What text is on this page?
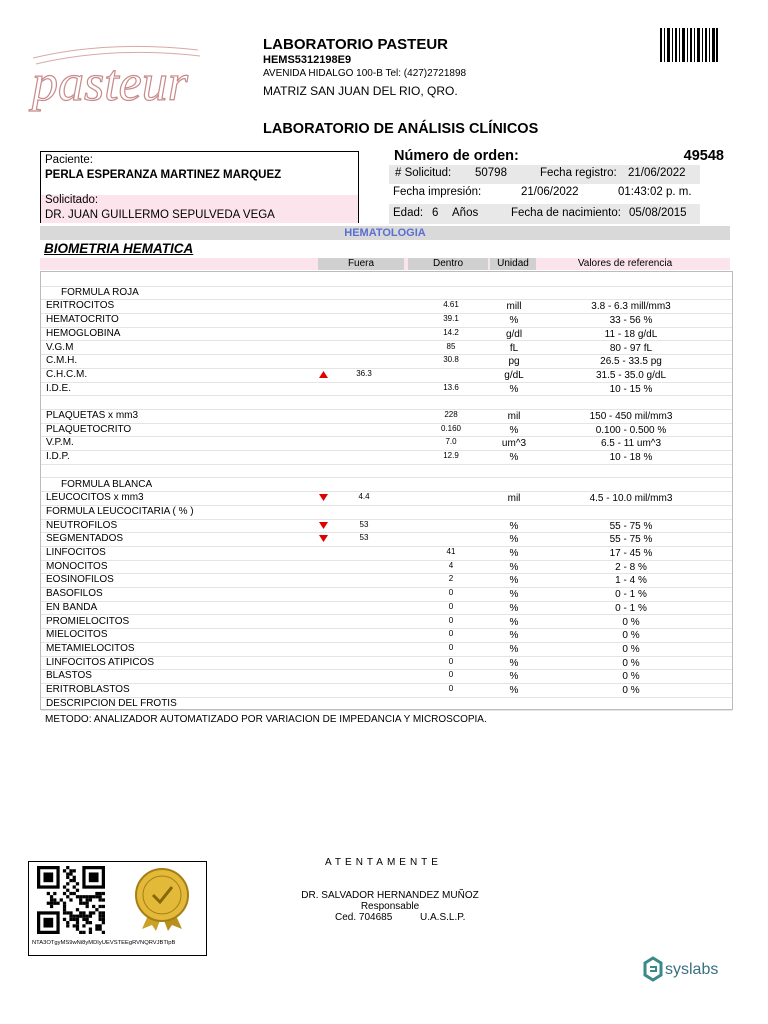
pasteur
LABORATORIO PASTEUR
HEMS5312198E9
AVENIDA HIDALGO 100-B Tel: (427)2721898
MATRIZ SAN JUAN DEL RIO, QRO.
LABORATORIO DE ANÁLISIS CLÍNICOS
Paciente:
PERLA ESPERANZA MARTINEZ MARQUEZ
Solicitado:
DR. JUAN GUILLERMO SEPULVEDA VEGA
Número de orden:	49548
# Solicitud: 50798	Fecha registro: 21/06/2022
Fecha impresión:	21/06/2022	01:43:02 p. m.
Edad: 6 Años	Fecha de nacimiento: 05/08/2015
HEMATOLOGIA
BIOMETRIA HEMATICA
Fuera	Dentro	Unidad	Valores de referencia
FORMULA ROJA
ERITROCITOS	4.61	mill	3.8 - 6.3 mill/mm3
HEMATOCRITO	39.1	%	33 - 56 %
HEMOGLOBINA	14.2	g/dl	11 - 18 g/dL
V.G.M	85	fL	80 - 97 fL
C.M.H.	30.8	pg	26.5 - 33.5 pg
C.H.C.M.	36.3	g/dL	31.5 - 35.0 g/dL
I.D.E.	13.6	%	10 - 15 %
PLAQUETAS x mm3	228	mil	150 - 450 mil/mm3
PLAQUETOCRITO	0.160	%	0.100 - 0.500 %
V.P.M.	7.0	um^3	6.5 - 11 um^3
I.D.P.	12.9	%	10 - 18 %
FORMULA BLANCA
LEUCOCITOS x mm3	4.4	mil	4.5 - 10.0 mil/mm3
FORMULA LEUCOCITARIA ( % )
NEUTROFILOS	53	%	55 - 75 %
SEGMENTADOS	53	%	55 - 75 %
LINFOCITOS	41	%	17 - 45 %
MONOCITOS	4	%	2 - 8 %
EOSINOFILOS	2	%	1 - 4 %
BASOFILOS	0	%	0 - 1 %
EN BANDA	0	%	0 - 1 %
PROMIELOCITOS	0	%	0 %
MIELOCITOS	0	%	0 %
METAMIELOCITOS	0	%	0 %
LINFOCITOS ATIPICOS	0	%	0 %
BLASTOS	0	%	0 %
ERITROBLASTOS	0	%	0 %
DESCRIPCION DEL FROTIS
METODO: ANALIZADOR AUTOMATIZADO POR VARIACION DE IMPEDANCIA Y MICROSCOPIA.
NTA3OTgyMS9wNi8yMDIyUEVSTEEgRVNQRVJBTlpB
ATENTAMENTE
DR. SALVADOR HERNANDEZ MUÑOZ
Responsable
Ced. 704685	U.A.S.L.P.
syslabs
